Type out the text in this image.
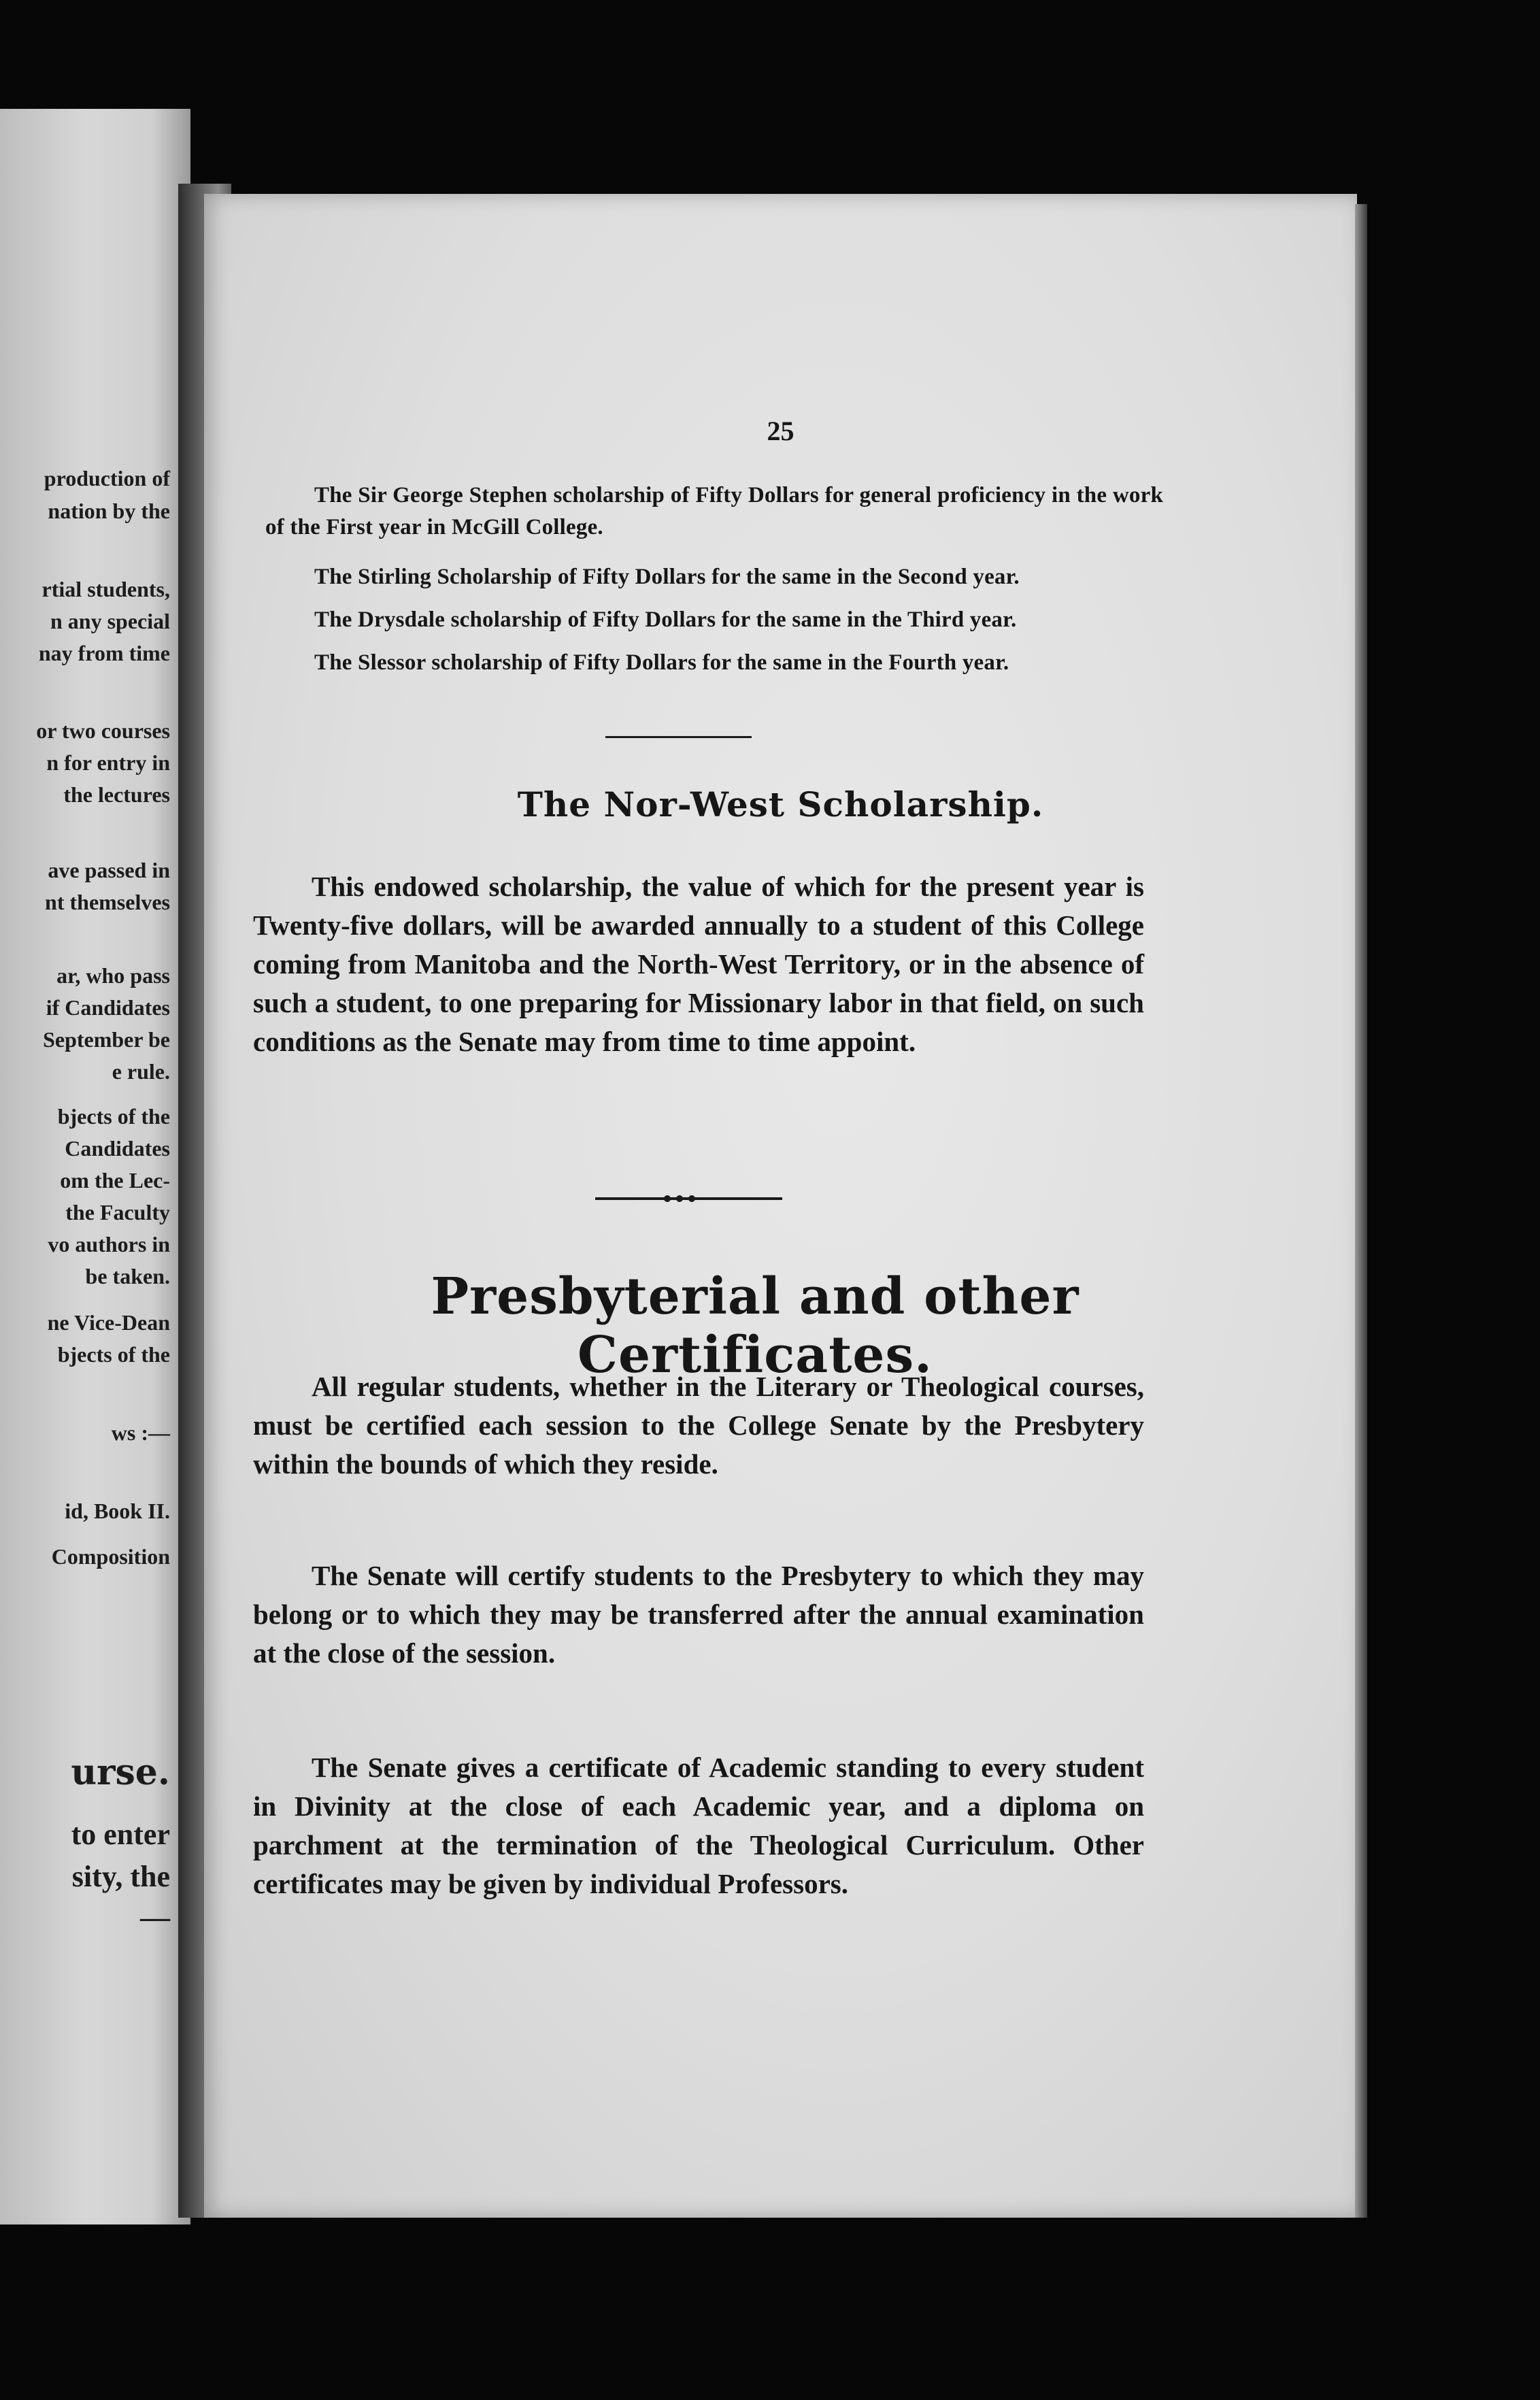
production of
nation by the
rtial students,
n any special
nay from time
or two courses
n for entry in
the lectures
ave passed in
nt themselves
ar, who pass
if Candidates
September be
e rule.
bjects of the
Candidates
om the Lec-
the Faculty
vo authors in
be taken.
ne Vice-Dean
bjects of the
ws :—
id, Book II.
Composition
urse.
to enter
sity, the
—
25

The Sir George Stephen scholarship of Fifty Dollars for general proficiency in the work of the First year in McGill College.

The Stirling Scholarship of Fifty Dollars for the same in the Second year.

The Drysdale scholarship of Fifty Dollars for the same in the Third year.

The Slessor scholarship of Fifty Dollars for the same in the Fourth year.

The Nor-West Scholarship.

This endowed scholarship, the value of which for the present year is Twenty-five dollars, will be awarded annually to a student of this College coming from Manitoba and the North-West Territory, or in the absence of such a student, to one preparing for Missionary labor in that field, on such conditions as the Senate may from time to time appoint.

Presbyterial and other Certificates.

All regular students, whether in the Literary or Theological courses, must be certified each session to the College Senate by the Presbytery within the bounds of which they reside.

The Senate will certify students to the Presbytery to which they may belong or to which they may be transferred after the annual examination at the close of the session.

The Senate gives a certificate of Academic standing to every student in Divinity at the close of each Academic year, and a diploma on parchment at the termination of the Theological Curriculum. Other certificates may be given by individual Professors.
